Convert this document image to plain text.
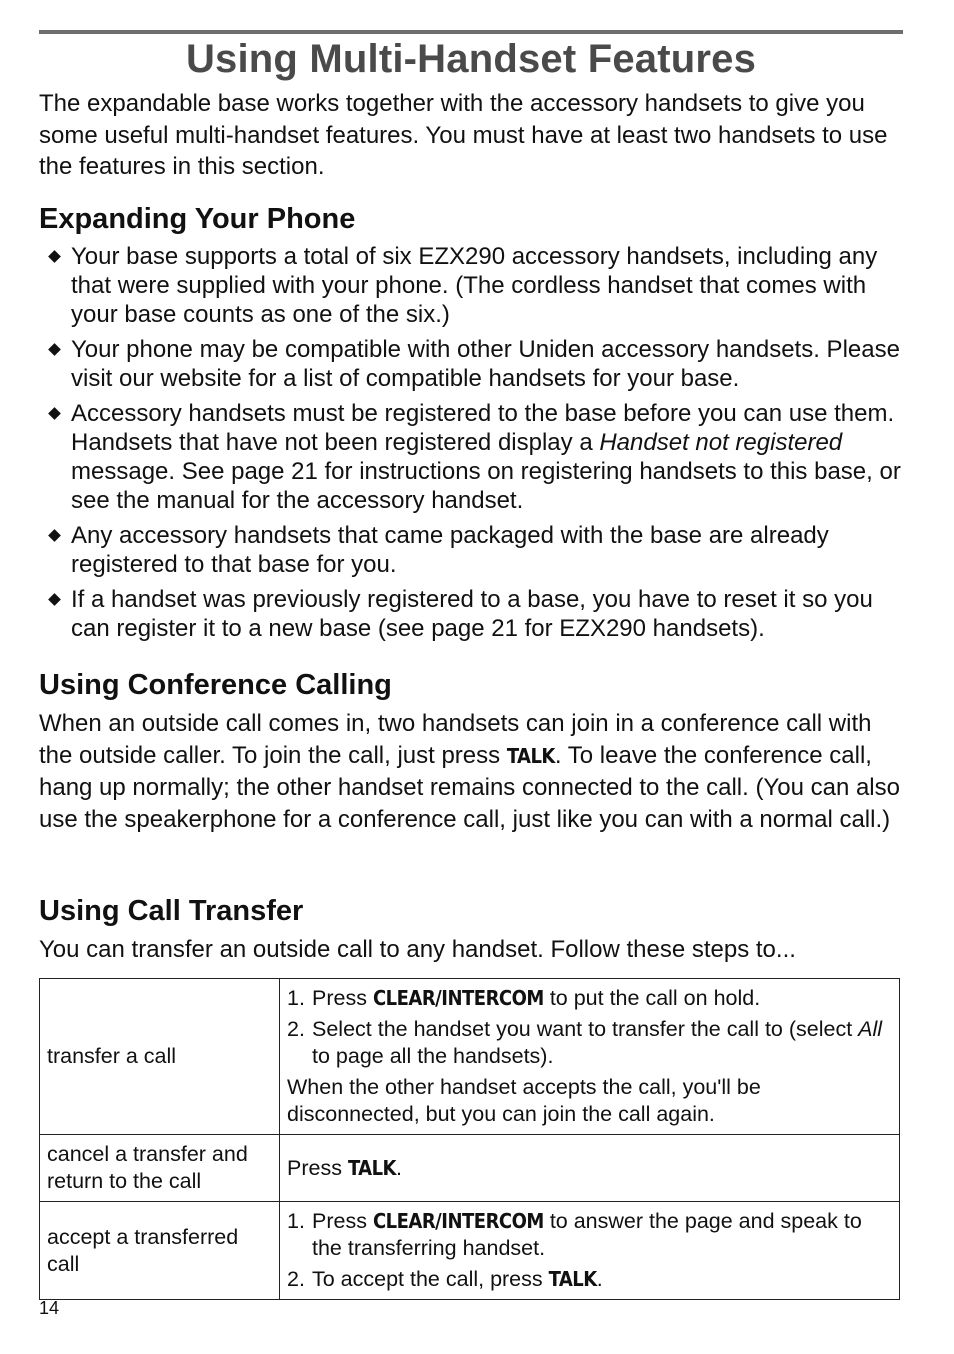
Using Multi-Handset Features

The expandable base works together with the accessory handsets to give you some useful multi-handset features. You must have at least two handsets to use the features in this section.

Expanding Your Phone
Your base supports a total of six EZX290 accessory handsets, including any that were supplied with your phone. (The cordless handset that comes with your base counts as one of the six.)
Your phone may be compatible with other Uniden accessory handsets. Please visit our website for a list of compatible handsets for your base.
Accessory handsets must be registered to the base before you can use them. Handsets that have not been registered display a Handset not registered message. See page 21 for instructions on registering handsets to this base, or see the manual for the accessory handset.
Any accessory handsets that came packaged with the base are already registered to that base for you.
If a handset was previously registered to a base, you have to reset it so you can register it to a new base (see page 21 for EZX290 handsets).
Using Conference Calling

When an outside call comes in, two handsets can join in a conference call with the outside caller. To join the call, just press TALK. To leave the conference call, hang up normally; the other handset remains connected to the call. (You can also use the speakerphone for a conference call, just like you can with a normal call.)

Using Call Transfer

You can transfer an outside call to any handset. Follow these steps to...

transfer a call	1. Press CLEAR/INTERCOM to put the call on hold.
2. Select the handset you want to transfer the call to (select All to page all the handsets).
When the other handset accepts the call, you'll be disconnected, but you can join the call again.

cancel a transfer and return to the call	Press TALK.
accept a transferred call	1. Press CLEAR/INTERCOM to answer the page and speak to the transferring handset.
2. To accept the call, press TALK.
14
